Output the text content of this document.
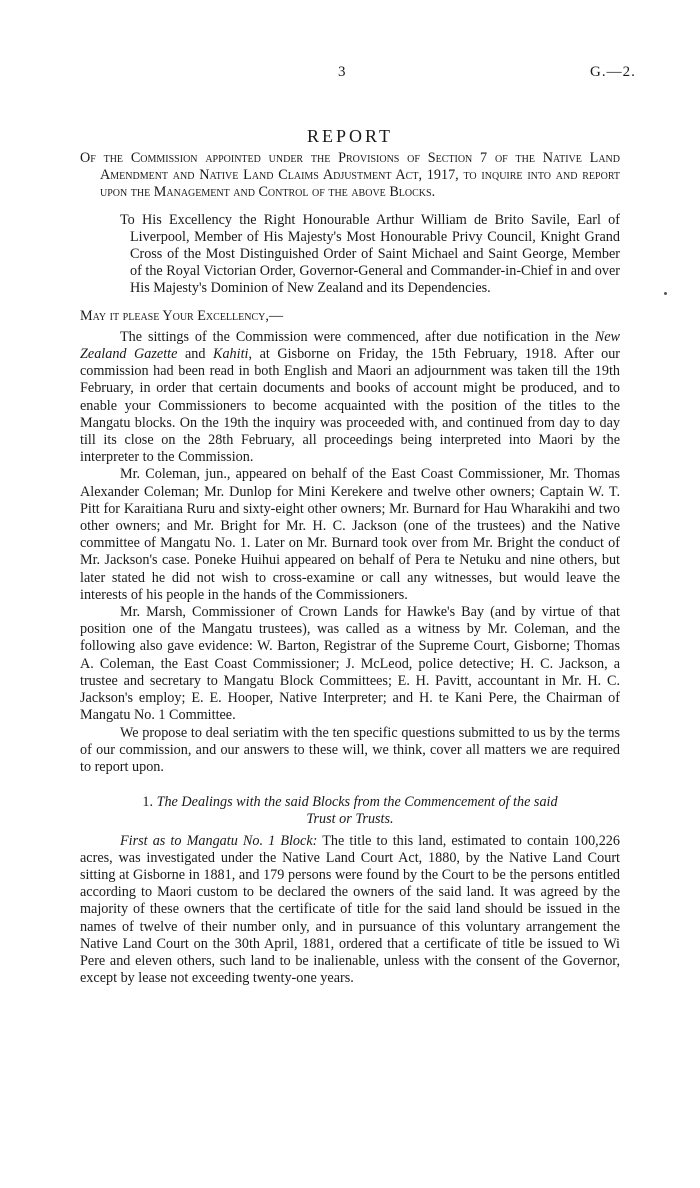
3	G.—2.
REPORT

Of the Commission appointed under the Provisions of Section 7 of the Native Land Amendment and Native Land Claims Adjustment Act, 1917, to inquire into and report upon the Management and Control of the above Blocks.

To His Excellency the Right Honourable Arthur William de Brito Savile, Earl of Liverpool, Member of His Majesty's Most Honourable Privy Council, Knight Grand Cross of the Most Distinguished Order of Saint Michael and Saint George, Member of the Royal Victorian Order, Governor-General and Commander-in-Chief in and over His Majesty's Dominion of New Zealand and its Dependencies.

May it please Your Excellency,—

The sittings of the Commission were commenced, after due notification in the New Zealand Gazette and Kahiti, at Gisborne on Friday, the 15th February, 1918. After our commission had been read in both English and Maori an adjournment was taken till the 19th February, in order that certain documents and books of account might be produced, and to enable your Commissioners to become acquainted with the position of the titles to the Mangatu blocks. On the 19th the inquiry was proceeded with, and continued from day to day till its close on the 28th February, all proceedings being interpreted into Maori by the interpreter to the Commission.

Mr. Coleman, jun., appeared on behalf of the East Coast Commissioner, Mr. Thomas Alexander Coleman; Mr. Dunlop for Mini Kerekere and twelve other owners; Captain W. T. Pitt for Karaitiana Ruru and sixty-eight other owners; Mr. Burnard for Hau Wharakihi and two other owners; and Mr. Bright for Mr. H. C. Jackson (one of the trustees) and the Native committee of Mangatu No. 1. Later on Mr. Burnard took over from Mr. Bright the conduct of Mr. Jackson's case. Poneke Huihui appeared on behalf of Pera te Netuku and nine others, but later stated he did not wish to cross-examine or call any witnesses, but would leave the interests of his people in the hands of the Commissioners.

Mr. Marsh, Commissioner of Crown Lands for Hawke's Bay (and by virtue of that position one of the Mangatu trustees), was called as a witness by Mr. Coleman, and the following also gave evidence: W. Barton, Registrar of the Supreme Court, Gisborne; Thomas A. Coleman, the East Coast Commissioner; J. McLeod, police detective; H. C. Jackson, a trustee and secretary to Mangatu Block Committees; E. H. Pavitt, accountant in Mr. H. C. Jackson's employ; E. E. Hooper, Native Interpreter; and H. te Kani Pere, the Chairman of Mangatu No. 1 Committee.

We propose to deal seriatim with the ten specific questions submitted to us by the terms of our commission, and our answers to these will, we think, cover all matters we are required to report upon.

1. The Dealings with the said Blocks from the Commencement of the said
Trust or Trusts.

First as to Mangatu No. 1 Block: The title to this land, estimated to contain 100,226 acres, was investigated under the Native Land Court Act, 1880, by the Native Land Court sitting at Gisborne in 1881, and 179 persons were found by the Court to be the persons entitled according to Maori custom to be declared the owners of the said land. It was agreed by the majority of these owners that the certificate of title for the said land should be issued in the names of twelve of their number only, and in pursuance of this voluntary arrangement the Native Land Court on the 30th April, 1881, ordered that a certificate of title be issued to Wi Pere and eleven others, such land to be inalienable, unless with the consent of the Governor, except by lease not exceeding twenty-one years.
